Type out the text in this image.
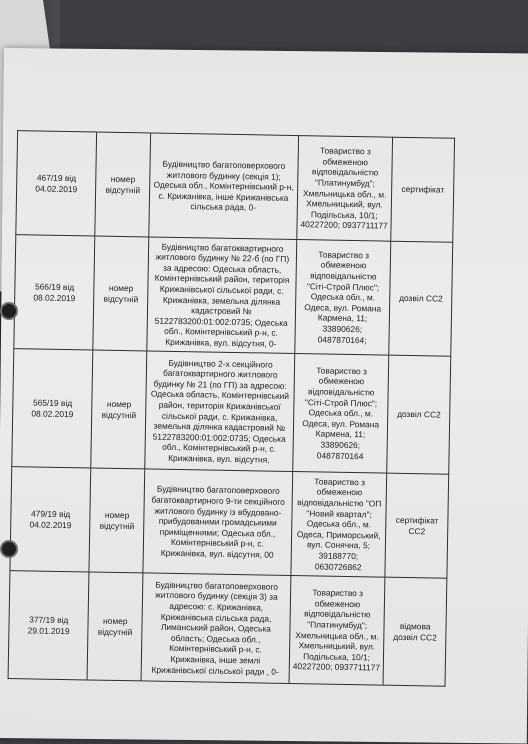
467/19 від 04.02.2019	номер відсутній	Будівництво багатоповерхового житлового будинку (секція 1); Одеська обл., Комінтернівський р-н, с. Крижанівка, інше Крижанівська сільська рада, 0-	Товариство з обмеженою відповідальністю "Платинумбуд"; Хмельницька обл., м. Хмельницький, вул. Подільська, 10/1; 40227200; 0937711177	сертифікат
566/19 від 08.02.2019	номер відсутній	Будівництво багатоквартирного житлового будинку № 22-б (по ГП) за адресою: Одеська область, Комінтернівський район, територія Крижанівської сільської ради, с. Крижанівка, земельна ділянка кадастровий № 5122783200:01:002:0735; Одеська обл., Комінтернівський р-н, с. Крижанівка, вул. відсутня, 0-	Товариство з обмеженою відповідальністю "Сіті-Строй Плюс"; Одеська обл., м. Одеса, вул. Романа Кармена, 11; 33890626; 0487870164;	дозвіл СС2
565/19 від 08.02.2019	номер відсутній	Будівництво 2-х секційного багатоквартирного житлового будинку № 21 (по ГП) за адресою: Одеська область, Комінтернівський район, територія Крижанівської сільської ради, с. Крижанівка, земельна ділянка кадастровий № 5122783200:01:002:0735; Одеська обл., Комінтернівський р-н, с. Крижанівка, вул. відсутня,	Товариство з обмеженою відповідальністю "Сіті-Строй Плюс"; Одеська обл., м. Одеса, вул. Романа Кармена, 11; 33890626; 0487870164	дозвіл СС2
479/19 від 04.02.2019	номер відсутній	Будівництво багатоповерхового багатоквартирного 9-ти секційного житлового будинку із вбудовано-прибудованими громадськими приміщеннями; Одеська обл., Комінтернівський р-н, с. Крижанівка, вул. відсутня, 00	Товариство з обмеженою відповідальністю "ОП "Новий квартал"; Одеська обл., м. Одеса, Приморський, вул. Сонячна, 5; 39188770; 0630726862	сертифікат СС2
377/19 від 29.01.2019	номер відсутній	Будівництво багатоповерхового житлового будинку (секція 3) за адресою: с. Крижанівка, Крижанівська сільська рада, Лиманський район, Одеська область; Одеська обл., Комінтернівський р-н, с. Крижанівка, інше землі Крижанівської сільської ради , 0-	Товариство з обмеженою відповідальністю "Платинумбуд"; Хмельницька обл., м. Хмельницький, вул. Подільська, 10/1; 40227200; 0937711177	відмова дозвіл СС2
